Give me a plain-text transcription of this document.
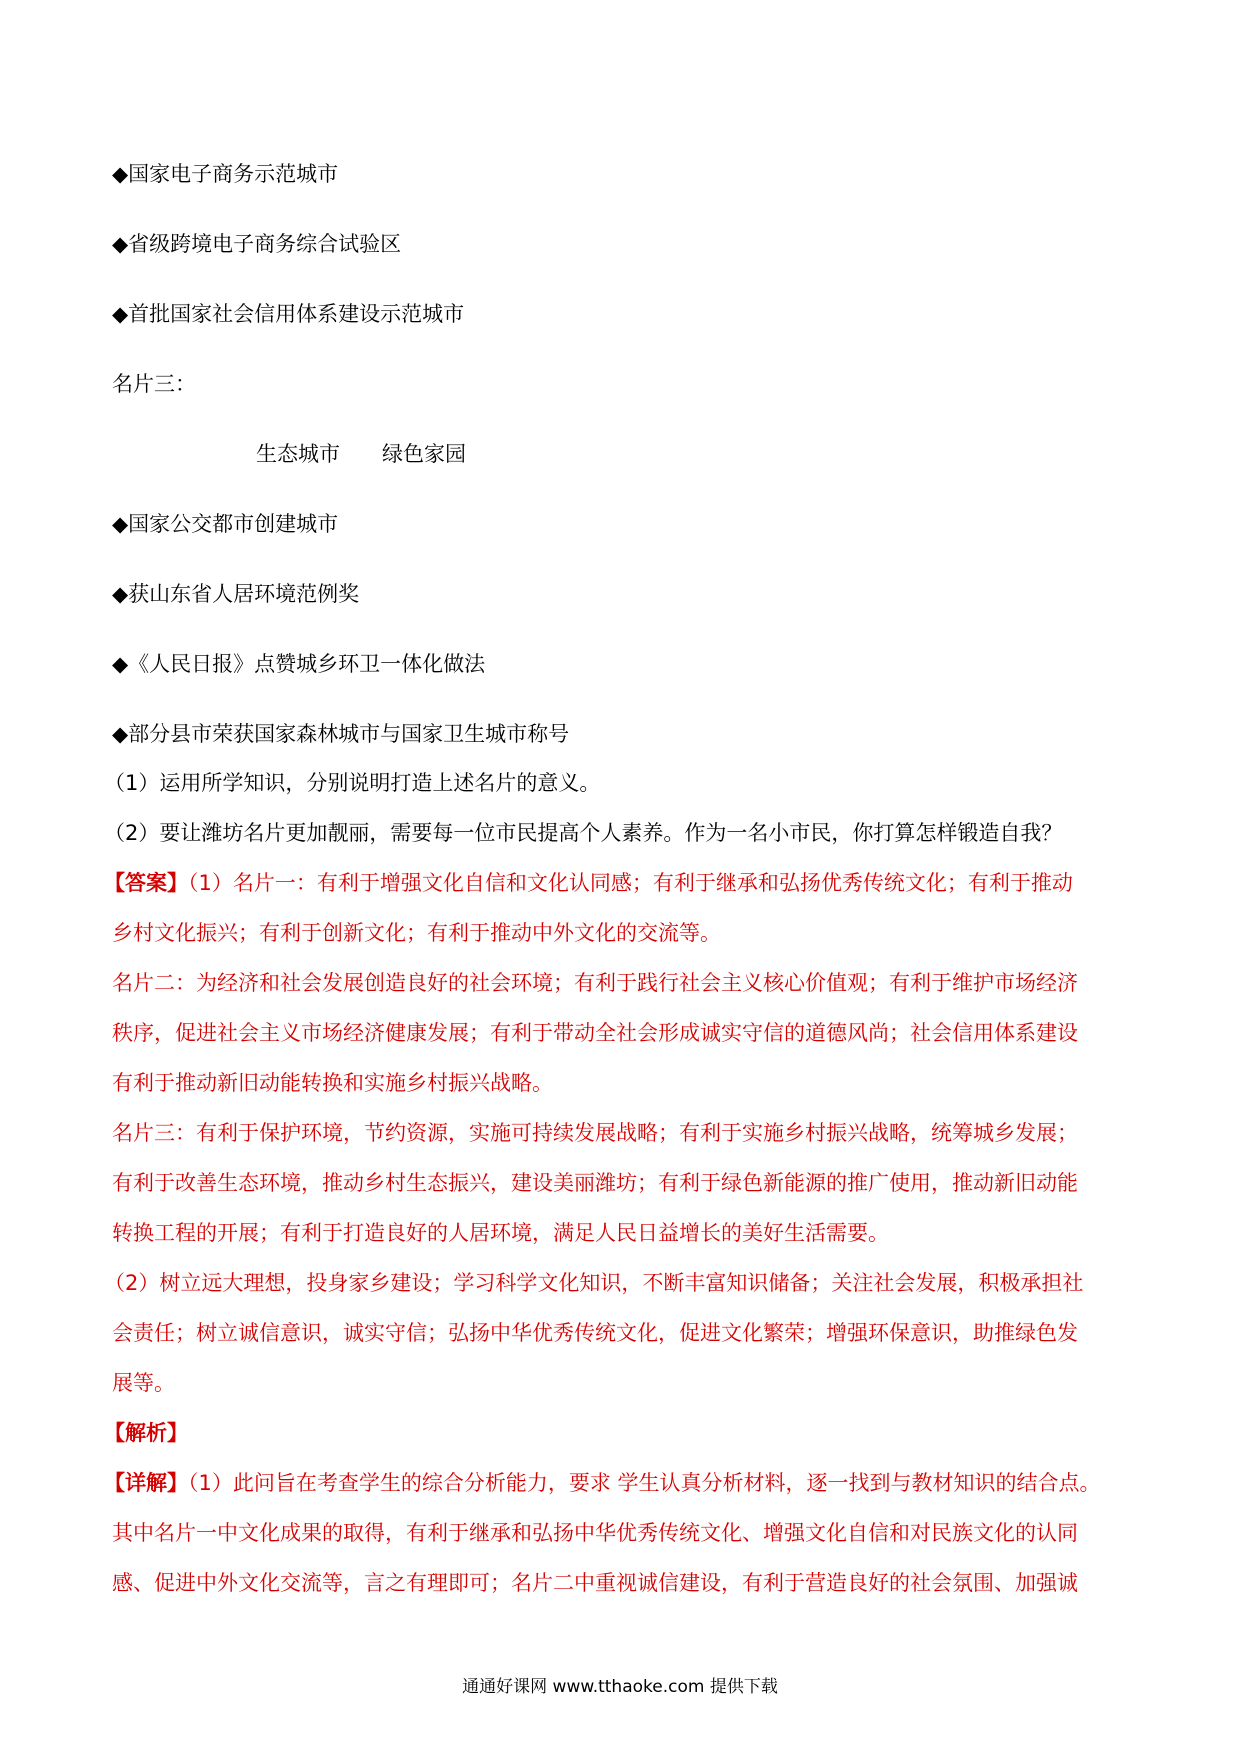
◆国家电子商务示范城市
◆省级跨境电子商务综合试验区
◆首批国家社会信用体系建设示范城市
名片三：
生态城市　　绿色家园
◆国家公交都市创建城市
◆获山东省人居环境范例奖
◆《人民日报》点赞城乡环卫一体化做法
◆部分县市荣获国家森林城市与国家卫生城市称号
（1）运用所学知识，分别说明打造上述名片的意义。
（2）要让潍坊名片更加靓丽，需要每一位市民提高个人素养。作为一名小市民，你打算怎样锻造自我？
【答案】（1）名片一：有利于增强文化自信和文化认同感；有利于继承和弘扬优秀传统文化；有利于推动
乡村文化振兴；有利于创新文化；有利于推动中外文化的交流等。
名片二：为经济和社会发展创造良好的社会环境；有利于践行社会主义核心价值观；有利于维护市场经济
秩序，促进社会主义市场经济健康发展；有利于带动全社会形成诚实守信的道德风尚；社会信用体系建设
有利于推动新旧动能转换和实施乡村振兴战略。
名片三：有利于保护环境，节约资源，实施可持续发展战略；有利于实施乡村振兴战略，统筹城乡发展；
有利于改善生态环境，推动乡村生态振兴，建设美丽潍坊；有利于绿色新能源的推广使用，推动新旧动能
转换工程的开展；有利于打造良好的人居环境，满足人民日益增长的美好生活需要。
（2）树立远大理想，投身家乡建设；学习科学文化知识，不断丰富知识储备；关注社会发展，积极承担社
会责任；树立诚信意识，诚实守信；弘扬中华优秀传统文化，促进文化繁荣；增强环保意识，助推绿色发
展等。
【解析】
【详解】（1）此问旨在考查学生的综合分析能力，要求 学生认真分析材料，逐一找到与教材知识的结合点。
其中名片一中文化成果的取得，有利于继承和弘扬中华优秀传统文化、增强文化自信和对民族文化的认同
感、促进中外文化交流等，言之有理即可；名片二中重视诚信建设，有利于营造良好的社会氛围、加强诚
通通好课网 www.tthaoke.com 提供下载
